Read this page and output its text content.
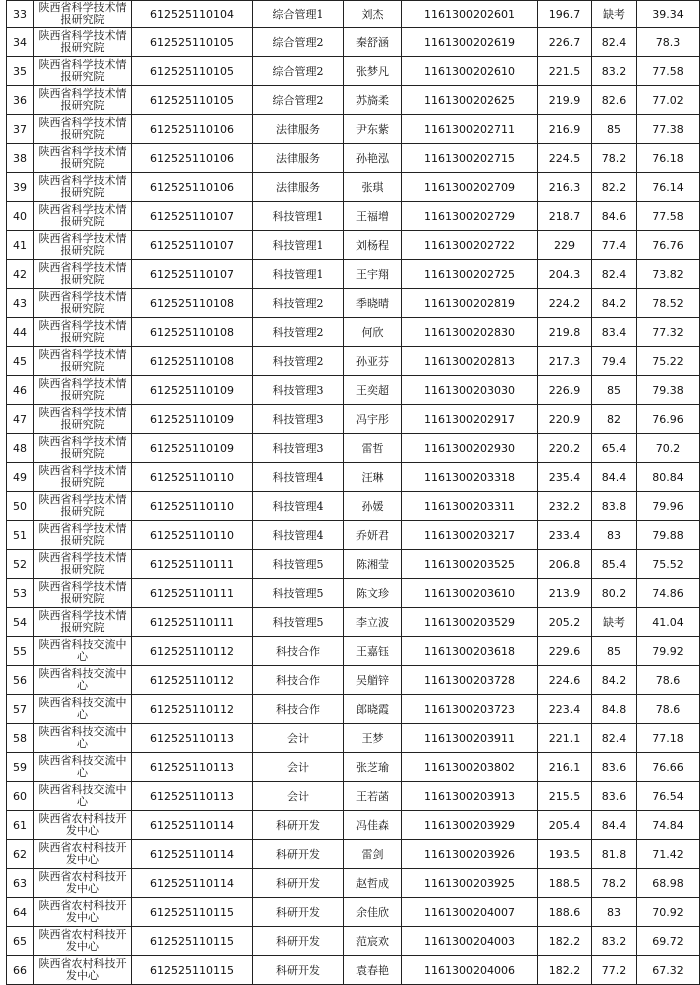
33	陕西省科学技术情报研究院	612525110104	综合管理1	刘杰	1161300202601	196.7	缺考	39.34	
34	陕西省科学技术情报研究院	612525110105	综合管理2	秦舒涵	1161300202619	226.7	82.4	78.3	
35	陕西省科学技术情报研究院	612525110105	综合管理2	张梦凡	1161300202610	221.5	83.2	77.58	
36	陕西省科学技术情报研究院	612525110105	综合管理2	苏旖柔	1161300202625	219.9	82.6	77.02	
37	陕西省科学技术情报研究院	612525110106	法律服务	尹东紫	1161300202711	216.9	85	77.38	
38	陕西省科学技术情报研究院	612525110106	法律服务	孙艳泓	1161300202715	224.5	78.2	76.18	
39	陕西省科学技术情报研究院	612525110106	法律服务	张琪	1161300202709	216.3	82.2	76.14	
40	陕西省科学技术情报研究院	612525110107	科技管理1	王福增	1161300202729	218.7	84.6	77.58	
41	陕西省科学技术情报研究院	612525110107	科技管理1	刘杨程	1161300202722	229	77.4	76.76	
42	陕西省科学技术情报研究院	612525110107	科技管理1	王宇翔	1161300202725	204.3	82.4	73.82	
43	陕西省科学技术情报研究院	612525110108	科技管理2	季晓晴	1161300202819	224.2	84.2	78.52	
44	陕西省科学技术情报研究院	612525110108	科技管理2	何欣	1161300202830	219.8	83.4	77.32	
45	陕西省科学技术情报研究院	612525110108	科技管理2	孙亚芬	1161300202813	217.3	79.4	75.22	
46	陕西省科学技术情报研究院	612525110109	科技管理3	王奕超	1161300203030	226.9	85	79.38	
47	陕西省科学技术情报研究院	612525110109	科技管理3	冯宇彤	1161300202917	220.9	82	76.96	
48	陕西省科学技术情报研究院	612525110109	科技管理3	雷哲	1161300202930	220.2	65.4	70.2	
49	陕西省科学技术情报研究院	612525110110	科技管理4	汪琳	1161300203318	235.4	84.4	80.84	
50	陕西省科学技术情报研究院	612525110110	科技管理4	孙媛	1161300203311	232.2	83.8	79.96	
51	陕西省科学技术情报研究院	612525110110	科技管理4	乔妍君	1161300203217	233.4	83	79.88	
52	陕西省科学技术情报研究院	612525110111	科技管理5	陈湘莹	1161300203525	206.8	85.4	75.52	
53	陕西省科学技术情报研究院	612525110111	科技管理5	陈文珍	1161300203610	213.9	80.2	74.86	
54	陕西省科学技术情报研究院	612525110111	科技管理5	李立波	1161300203529	205.2	缺考	41.04	
55	陕西省科技交流中心	612525110112	科技合作	王嘉钰	1161300203618	229.6	85	79.92	
56	陕西省科技交流中心	612525110112	科技合作	吴艏锌	1161300203728	224.6	84.2	78.6	
57	陕西省科技交流中心	612525110112	科技合作	郎晓霞	1161300203723	223.4	84.8	78.6	
58	陕西省科技交流中心	612525110113	会计	王梦	1161300203911	221.1	82.4	77.18	
59	陕西省科技交流中心	612525110113	会计	张芝瑜	1161300203802	216.1	83.6	76.66	
60	陕西省科技交流中心	612525110113	会计	王若菡	1161300203913	215.5	83.6	76.54	
61	陕西省农村科技开发中心	612525110114	科研开发	冯佳森	1161300203929	205.4	84.4	74.84	
62	陕西省农村科技开发中心	612525110114	科研开发	雷剑	1161300203926	193.5	81.8	71.42	
63	陕西省农村科技开发中心	612525110114	科研开发	赵哲成	1161300203925	188.5	78.2	68.98	
64	陕西省农村科技开发中心	612525110115	科研开发	余佳欣	1161300204007	188.6	83	70.92	
65	陕西省农村科技开发中心	612525110115	科研开发	范宸欢	1161300204003	182.2	83.2	69.72	
66	陕西省农村科技开发中心	612525110115	科研开发	袁春艳	1161300204006	182.2	77.2	67.32	
